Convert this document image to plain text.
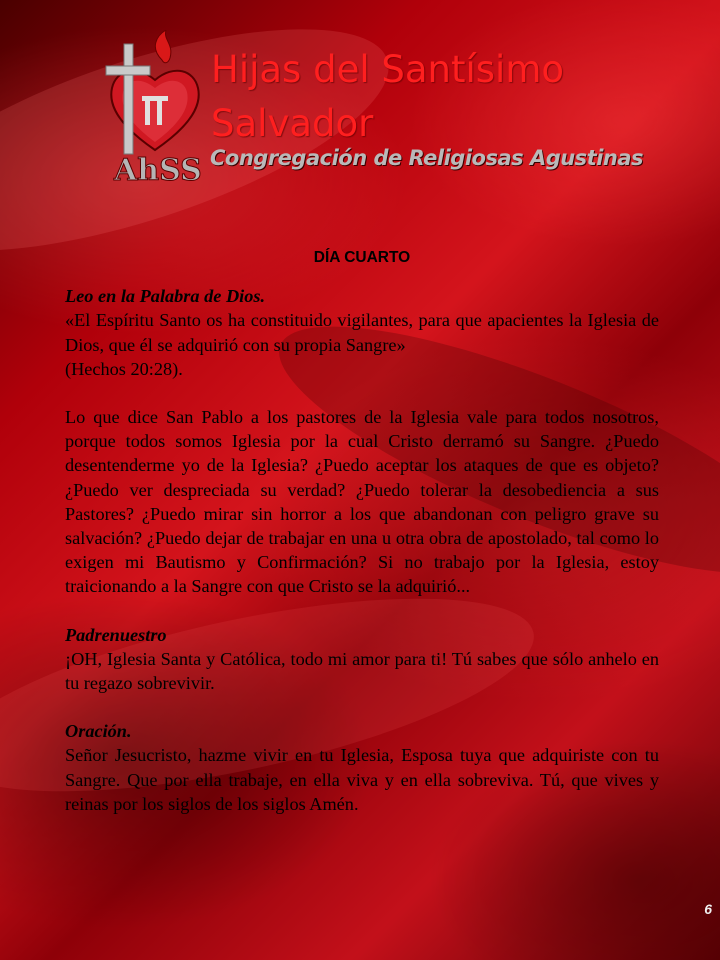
AhSS

Hijas del Santísimo

Salvador

Congregación de Religiosas Agustinas

DÍA CUARTO

Leo en la Palabra de Dios.

«El Espíritu Santo os ha constituido vigilantes, para que apacientes la Iglesia de Dios, que él se adquirió con su propia Sangre»

(Hechos 20:28).

Lo que dice San Pablo a los pastores de la Iglesia vale para todos nosotros, porque todos somos Iglesia por la cual Cristo derramó su Sangre. ¿Puedo desentenderme yo de la Iglesia? ¿Puedo aceptar los ataques de que es objeto? ¿Puedo ver despreciada su verdad? ¿Puedo tolerar la desobediencia a sus Pastores? ¿Puedo mirar sin horror a los que abandonan con peligro grave su salvación? ¿Puedo dejar de trabajar en una u otra obra de apostolado, tal como lo exigen mi Bautismo y Confirmación? Si no trabajo por la Iglesia, estoy traicionando a la Sangre con que Cristo se la adquirió...

Padrenuestro

¡OH, Iglesia Santa y Católica, todo mi amor para ti! Tú sabes que sólo anhelo en tu regazo sobrevivir.

Oración.

Señor Jesucristo, hazme vivir en tu Iglesia, Esposa tuya que adquiriste con tu Sangre. Que por ella trabaje, en ella viva y en ella sobreviva. Tú, que vives y reinas por los siglos de los siglos Amén.

6
